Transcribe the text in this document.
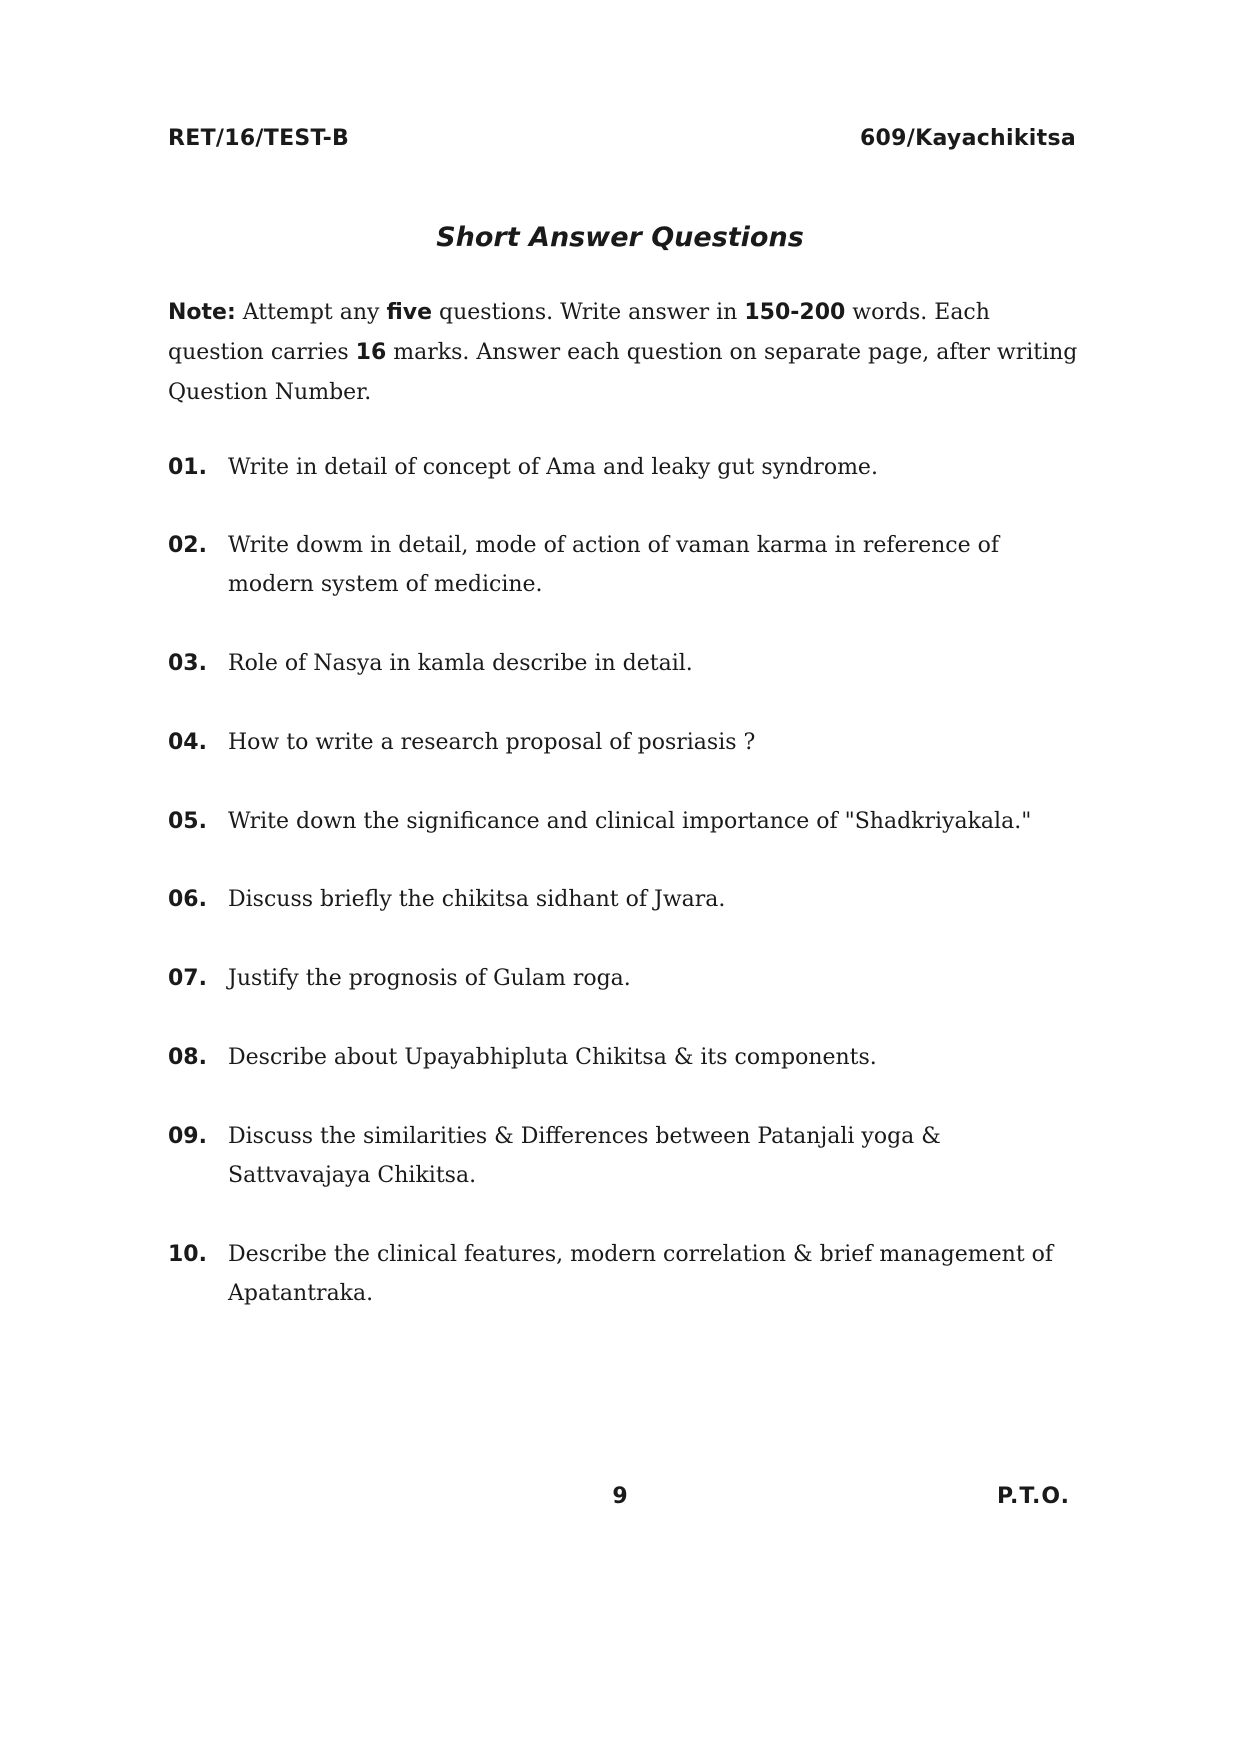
RET/16/TEST-B	609/Kayachikitsa
Short Answer Questions
Note: Attempt any five questions. Write answer in 150-200 words. Each question carries 16 marks. Answer each question on separate page, after writing Question Number.
01. Write in detail of concept of Ama and leaky gut syndrome.
02. Write dowm in detail, mode of action of vaman karma in reference of modern system of medicine.
03. Role of Nasya in kamla describe in detail.
04. How to write a research proposal of posriasis ?
05. Write down the significance and clinical importance of "Shadkriyakala."
06. Discuss briefly the chikitsa sidhant of Jwara.
07. Justify the prognosis of Gulam roga.
08. Describe about Upayabhipluta Chikitsa & its components.
09. Discuss the similarities & Differences between Patanjali yoga & Sattvavajaya Chikitsa.
10. Describe the clinical features, modern correlation & brief management of Apatantraka.
9	P.T.O.
